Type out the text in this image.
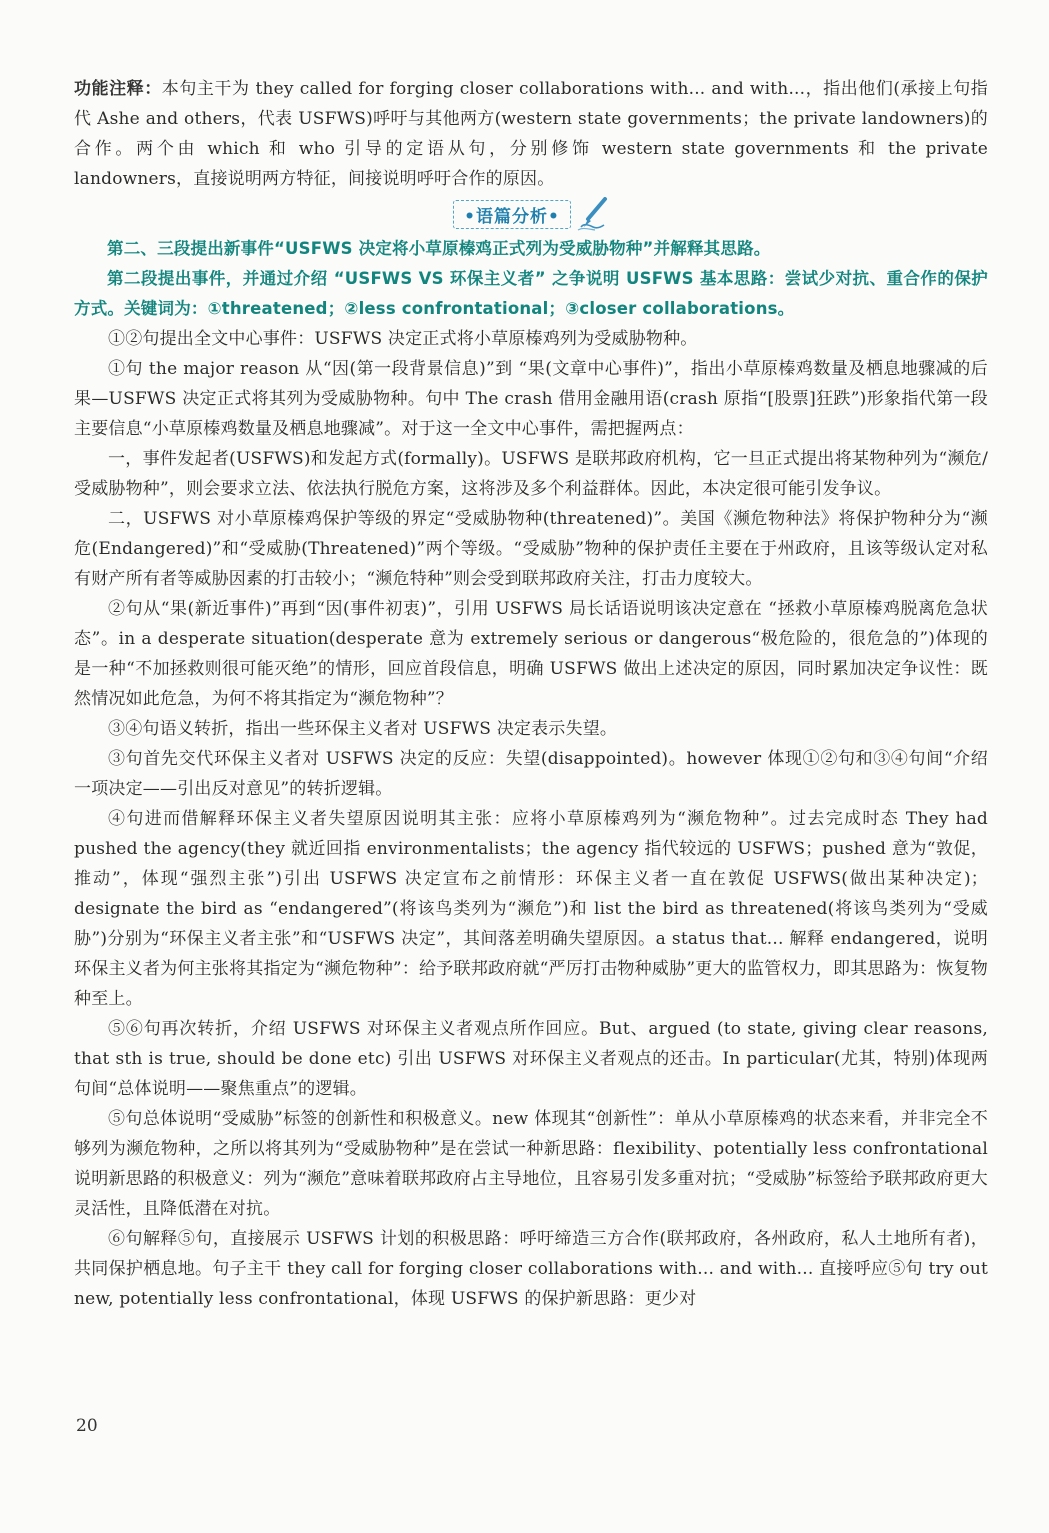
功能注释：本句主干为 they called for forging closer collaborations with... and with...，指出他们(承接上句指代 Ashe and others，代表 USFWS)呼吁与其他两方(western state governments；the private landowners)的合作。两个由 which 和 who 引导的定语从句，分别修饰 western state governments 和 the private landowners，直接说明两方特征，间接说明呼吁合作的原因。

•语篇分析•

第二、三段提出新事件“USFWS 决定将小草原榛鸡正式列为受威胁物种”并解释其思路。

第二段提出事件，并通过介绍 “USFWS VS 环保主义者” 之争说明 USFWS 基本思路：尝试少对抗、重合作的保护方式。关键词为：①threatened；②less confrontational；③closer collaborations。

①②句提出全文中心事件：USFWS 决定正式将小草原榛鸡列为受威胁物种。

①句 the major reason 从“因(第一段背景信息)”到 “果(文章中心事件)”，指出小草原榛鸡数量及栖息地骤减的后果—USFWS 决定正式将其列为受威胁物种。句中 The crash 借用金融用语(crash 原指“[股票]狂跌”)形象指代第一段主要信息“小草原榛鸡数量及栖息地骤减”。对于这一全文中心事件，需把握两点：

一，事件发起者(USFWS)和发起方式(formally)。USFWS 是联邦政府机构，它一旦正式提出将某物种列为“濒危/受威胁物种”，则会要求立法、依法执行脱危方案，这将涉及多个利益群体。因此，本决定很可能引发争议。

二，USFWS 对小草原榛鸡保护等级的界定“受威胁物种(threatened)”。美国《濒危物种法》将保护物种分为“濒危(Endangered)”和“受威胁(Threatened)”两个等级。“受威胁”物种的保护责任主要在于州政府，且该等级认定对私有财产所有者等威胁因素的打击较小；“濒危特种”则会受到联邦政府关注，打击力度较大。

②句从“果(新近事件)”再到“因(事件初衷)”，引用 USFWS 局长话语说明该决定意在 “拯救小草原榛鸡脱离危急状态”。in a desperate situation(desperate 意为 extremely serious or dangerous“极危险的，很危急的”)体现的是一种“不加拯救则很可能灭绝”的情形，回应首段信息，明确 USFWS 做出上述决定的原因，同时累加决定争议性：既然情况如此危急，为何不将其指定为“濒危物种”？

③④句语义转折，指出一些环保主义者对 USFWS 决定表示失望。

③句首先交代环保主义者对 USFWS 决定的反应：失望(disappointed)。however 体现①②句和③④句间“介绍一项决定——引出反对意见”的转折逻辑。

④句进而借解释环保主义者失望原因说明其主张：应将小草原榛鸡列为“濒危物种”。过去完成时态 They had pushed the agency(they 就近回指 environmentalists；the agency 指代较远的 USFWS；pushed 意为“敦促，推动”，体现“强烈主张”)引出 USFWS 决定宣布之前情形：环保主义者一直在敦促 USFWS(做出某种决定)；designate the bird as “endangered”(将该鸟类列为“濒危”)和 list the bird as threatened(将该鸟类列为“受威胁”)分别为“环保主义者主张”和“USFWS 决定”，其间落差明确失望原因。a status that... 解释 endangered，说明环保主义者为何主张将其指定为“濒危物种”：给予联邦政府就“严厉打击物种威胁”更大的监管权力，即其思路为：恢复物种至上。

⑤⑥句再次转折，介绍 USFWS 对环保主义者观点所作回应。But、argued (to state, giving clear reasons, that sth is true, should be done etc) 引出 USFWS 对环保主义者观点的还击。In particular(尤其，特别)体现两句间“总体说明——聚焦重点”的逻辑。

⑤句总体说明“受威胁”标签的创新性和积极意义。new 体现其“创新性”：单从小草原榛鸡的状态来看，并非完全不够列为濒危物种，之所以将其列为“受威胁物种”是在尝试一种新思路：flexibility、potentially less confrontational 说明新思路的积极意义：列为“濒危”意味着联邦政府占主导地位，且容易引发多重对抗；“受威胁”标签给予联邦政府更大灵活性，且降低潜在对抗。

⑥句解释⑤句，直接展示 USFWS 计划的积极思路：呼吁缔造三方合作(联邦政府，各州政府，私人土地所有者)，共同保护栖息地。句子主干 they call for forging closer collaborations with... and with... 直接呼应⑤句 try out new, potentially less confrontational，体现 USFWS 的保护新思路：更少对

20
